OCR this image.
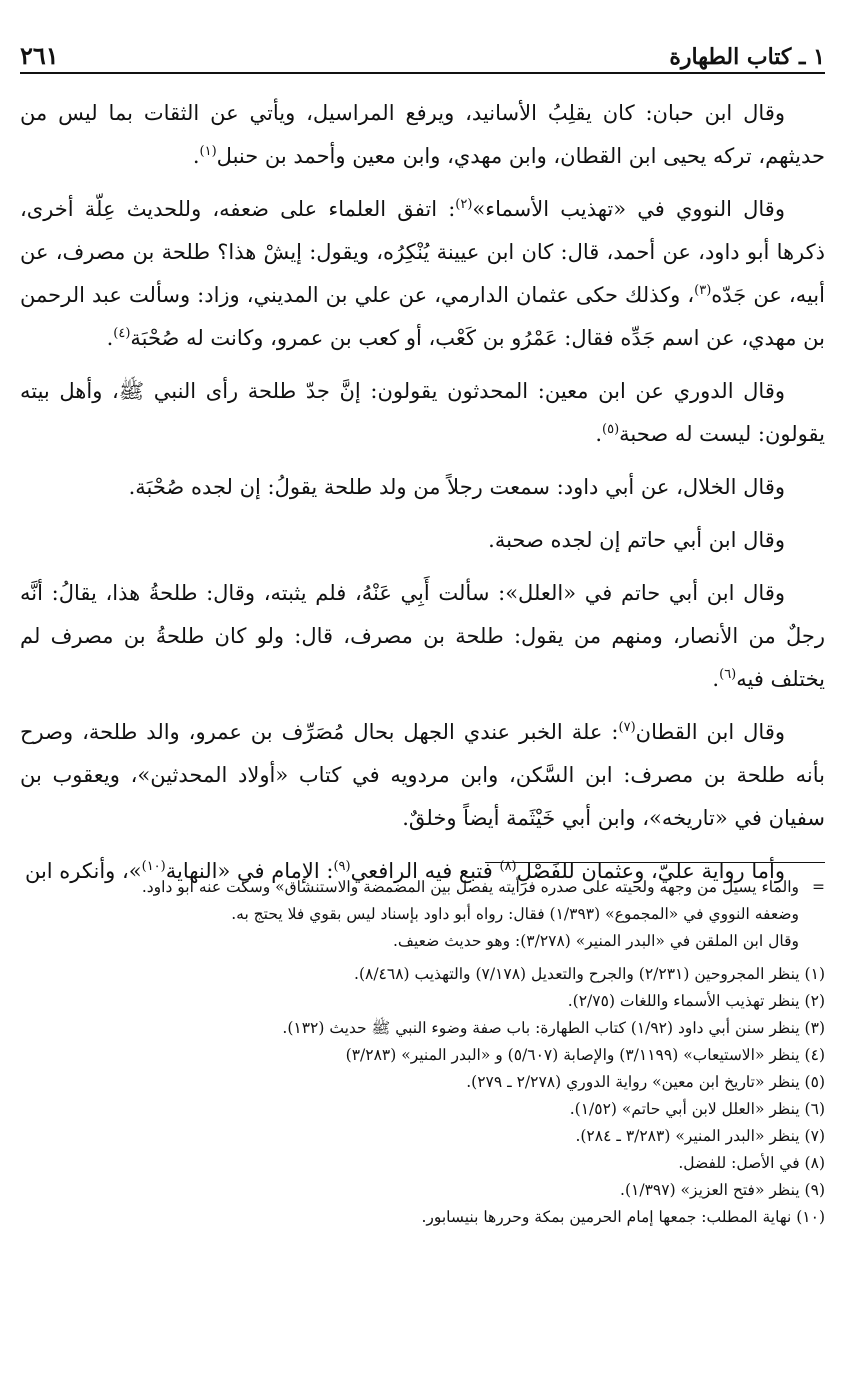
١ ـ كتاب الطهارة
٢٦١

وقال ابن حبان: كان يقلِبُ الأسانيد، ويرفع المراسيل، ويأتي عن الثقات بما ليس من حديثهم، تركه يحيى ابن القطان، وابن مهدي، وابن معين وأحمد بن حنبل$^{(١)}$.

وقال النووي في «تهذيب الأسماء»$^{(٢)}$: اتفق العلماء على ضعفه، وللحديث عِلّة أخرى، ذكرها أبو داود، عن أحمد، قال: كان ابن عيينة يُنْكِرُه، ويقول: إيشْ هذا؟ طلحة بن مصرف، عن أبيه، عن جَدّه$^{(٣)}$، وكذلك حكى عثمان الدارمي، عن علي بن المديني، وزاد: وسألت عبد الرحمن بن مهدي، عن اسم جَدِّه فقال: عَمْرُو بن كَعْب، أو كعب بن عمرو، وكانت له صُحْبَة$^{(٤)}$.

وقال الدوري عن ابن معين: المحدثون يقولون: إنَّ جدّ طلحة رأى النبي ﷺ، وأهل بيته يقولون: ليست له صحبة$^{(٥)}$.

وقال الخلال، عن أبي داود: سمعت رجلاً من ولد طلحة يقولُ: إن لجده صُحْبَة.

وقال ابن أبي حاتم إن لجده صحبة.

وقال ابن أبي حاتم في «العلل»: سألت أَبِي عَنْهُ، فلم يثبته، وقال: طلحةُ هذا، يقالُ: أنَّه رجلٌ من الأنصار، ومنهم من يقول: طلحة بن مصرف، قال: ولو كان طلحةُ بن مصرف لم يختلف فيه$^{(٦)}$.

وقال ابن القطان$^{(٧)}$: علة الخبر عندي الجهل بحال مُصَرِّف بن عمرو، والد طلحة، وصرح بأنه طلحة بن مصرف: ابن السَّكن، وابن مردويه في كتاب «أولاد المحدثين»، ويعقوب بن سفيان في «تاريخه»، وابن أبي خَيْثَمة أيضاً وخلقٌ.

وأما رواية عليّ، وعثمان للفَصْلِ$^{(٨)}$ فتبع فيه الرافعي$^{(٩)}$: الإمام في «النهاية$^{(١٠)}$»، وأنكره ابن

=
والماء يسيل من وجهه ولحيته على صدره فرأيته يفصل بين المضمضة والاستنشاق» وسكت عنه أبو داود.

وضعفه النووي في «المجموع» (١/٣٩٣) فقال: رواه أبو داود بإسناد ليس بقوي فلا يحتج به.

وقال ابن الملقن في «البدر المنير» (٣/٢٧٨): وهو حديث ضعيف.

(١) ينظر المجروحين (٢/٢٣١) والجرح والتعديل (٧/١٧٨) والتهذيب (٨/٤٦٨).

(٢) ينظر تهذيب الأسماء واللغات (٢/٧٥).

(٣) ينظر سنن أبي داود (١/٩٢) كتاب الطهارة: باب صفة وضوء النبي ﷺ حديث (١٣٢).

(٤) ينظر «الاستيعاب» (٣/١١٩٩) والإصابة (٥/٦٠٧) و «البدر المنير» (٣/٢٨٣)

(٥) ينظر «تاريخ ابن معين» رواية الدوري (٢/٢٧٨ ـ ٢٧٩).

(٦) ينظر «العلل لابن أبي حاتم» (١/٥٢).

(٧) ينظر «البدر المنير» (٣/٢٨٣ ـ ٢٨٤).

(٨) في الأصل: للفضل.

(٩) ينظر «فتح العزيز» (١/٣٩٧).

(١٠) نهاية المطلب: جمعها إمام الحرمين بمكة وحررها بنيسابور.
